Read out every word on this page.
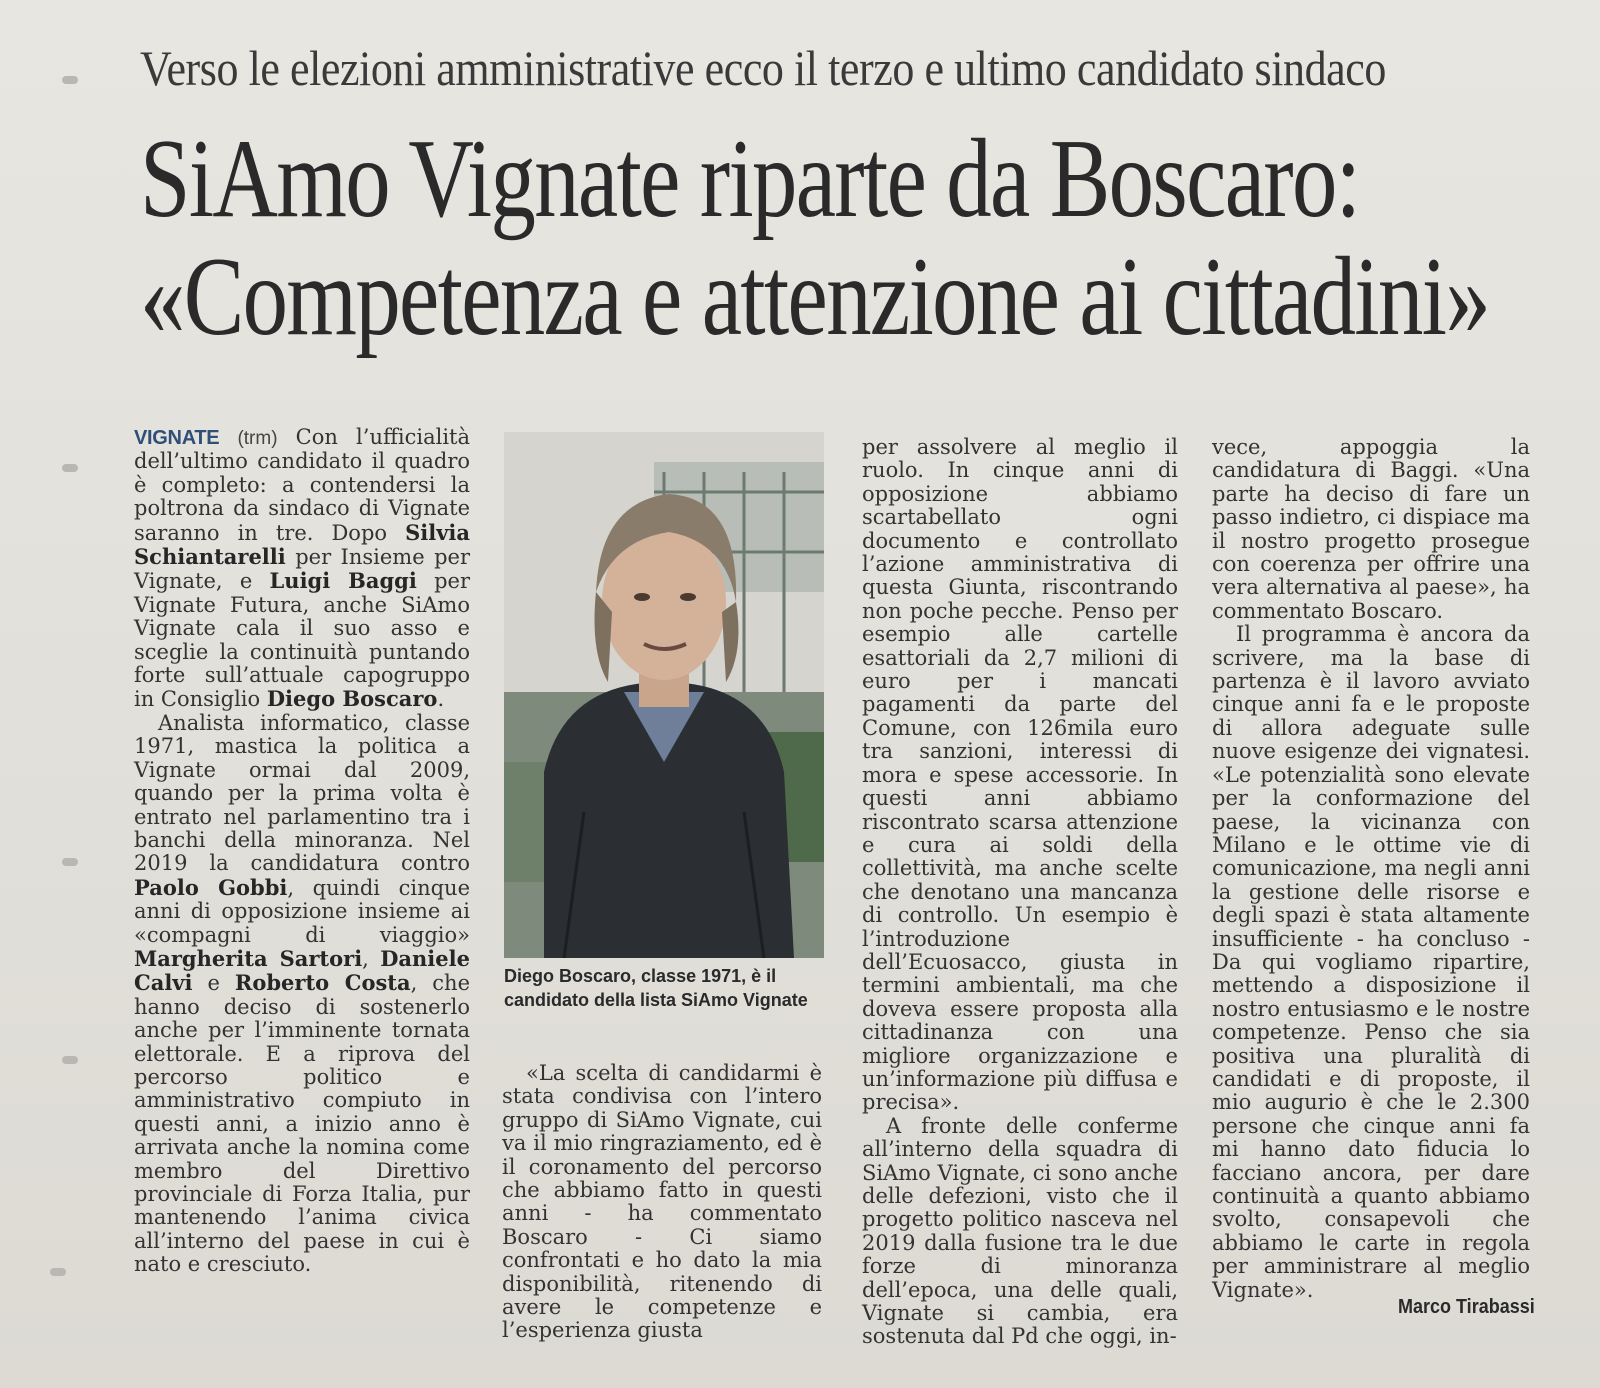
Verso le elezioni amministrative ecco il terzo e ultimo candidato sindaco
SiAmo Vignate riparte da Boscaro:
«Competenza e attenzione ai cittadini»

VIGNATE (trm) Con l’ufficialità dell’ultimo candidato il quadro è completo: a contendersi la poltrona da sindaco di Vignate saranno in tre. Dopo Silvia Schiantarelli per Insieme per Vignate, e Luigi Baggi per Vignate Futura, anche SiAmo Vignate cala il suo asso e sceglie la continuità puntando forte sull’attuale capogruppo in Consiglio Diego Boscaro.

Analista informatico, classe 1971, mastica la politica a Vignate ormai dal 2009, quando per la prima volta è entrato nel parlamentino tra i banchi della minoranza. Nel 2019 la candidatura contro Paolo Gobbi, quindi cinque anni di opposizione insieme ai «compagni di viaggio» Margherita Sartori, Daniele Calvi e Roberto Costa, che hanno deciso di sostenerlo anche per l’imminente tornata elettorale. E a riprova del percorso politico e amministrativo compiuto in questi anni, a inizio anno è arrivata anche la nomina come membro del Direttivo provinciale di Forza Italia, pur mantenendo l’anima civica all’interno del paese in cui è nato e cresciuto.

Diego Boscaro, classe 1971, è il candidato della lista SiAmo Vignate

«La scelta di candidarmi è stata condivisa con l’intero gruppo di SiAmo Vignate, cui va il mio ringraziamento, ed è il coronamento del percorso che abbiamo fatto in questi anni - ha commentato Boscaro - Ci siamo confrontati e ho dato la mia disponibilità, ritenendo di avere le competenze e l’esperienza giusta

per assolvere al meglio il ruolo. In cinque anni di opposizione abbiamo scartabellato ogni documento e controllato l’azione amministrativa di questa Giunta, riscontrando non poche pecche. Penso per esempio alle cartelle esattoriali da 2,7 milioni di euro per i mancati pagamenti da parte del Comune, con 126mila euro tra sanzioni, interessi di mora e spese accessorie. In questi anni abbiamo riscontrato scarsa attenzione e cura ai soldi della collettività, ma anche scelte che denotano una mancanza di controllo. Un esempio è l’introduzione dell’Ecuosacco, giusta in termini ambientali, ma che doveva essere proposta alla cittadinanza con una migliore organizzazione e un’informazione più diffusa e precisa».

A fronte delle conferme all’interno della squadra di SiAmo Vignate, ci sono anche delle defezioni, visto che il progetto politico nasceva nel 2019 dalla fusione tra le due forze di minoranza dell’epoca, una delle quali, Vignate si cambia, era sostenuta dal Pd che oggi, in-

vece, appoggia la candidatura di Baggi. «Una parte ha deciso di fare un passo indietro, ci dispiace ma il nostro progetto prosegue con coerenza per offrire una vera alternativa al paese», ha commentato Boscaro.

Il programma è ancora da scrivere, ma la base di partenza è il lavoro avviato cinque anni fa e le proposte di allora adeguate sulle nuove esigenze dei vignatesi. «Le potenzialità sono elevate per la conformazione del paese, la vicinanza con Milano e le ottime vie di comunicazione, ma negli anni la gestione delle risorse e degli spazi è stata altamente insufficiente - ha concluso - Da qui vogliamo ripartire, mettendo a disposizione il nostro entusiasmo e le nostre competenze. Penso che sia positiva una pluralità di candidati e di proposte, il mio augurio è che le 2.300 persone che cinque anni fa mi hanno dato fiducia lo facciano ancora, per dare continuità a quanto abbiamo svolto, consapevoli che abbiamo le carte in regola per amministrare al meglio Vignate».

Marco Tirabassi
